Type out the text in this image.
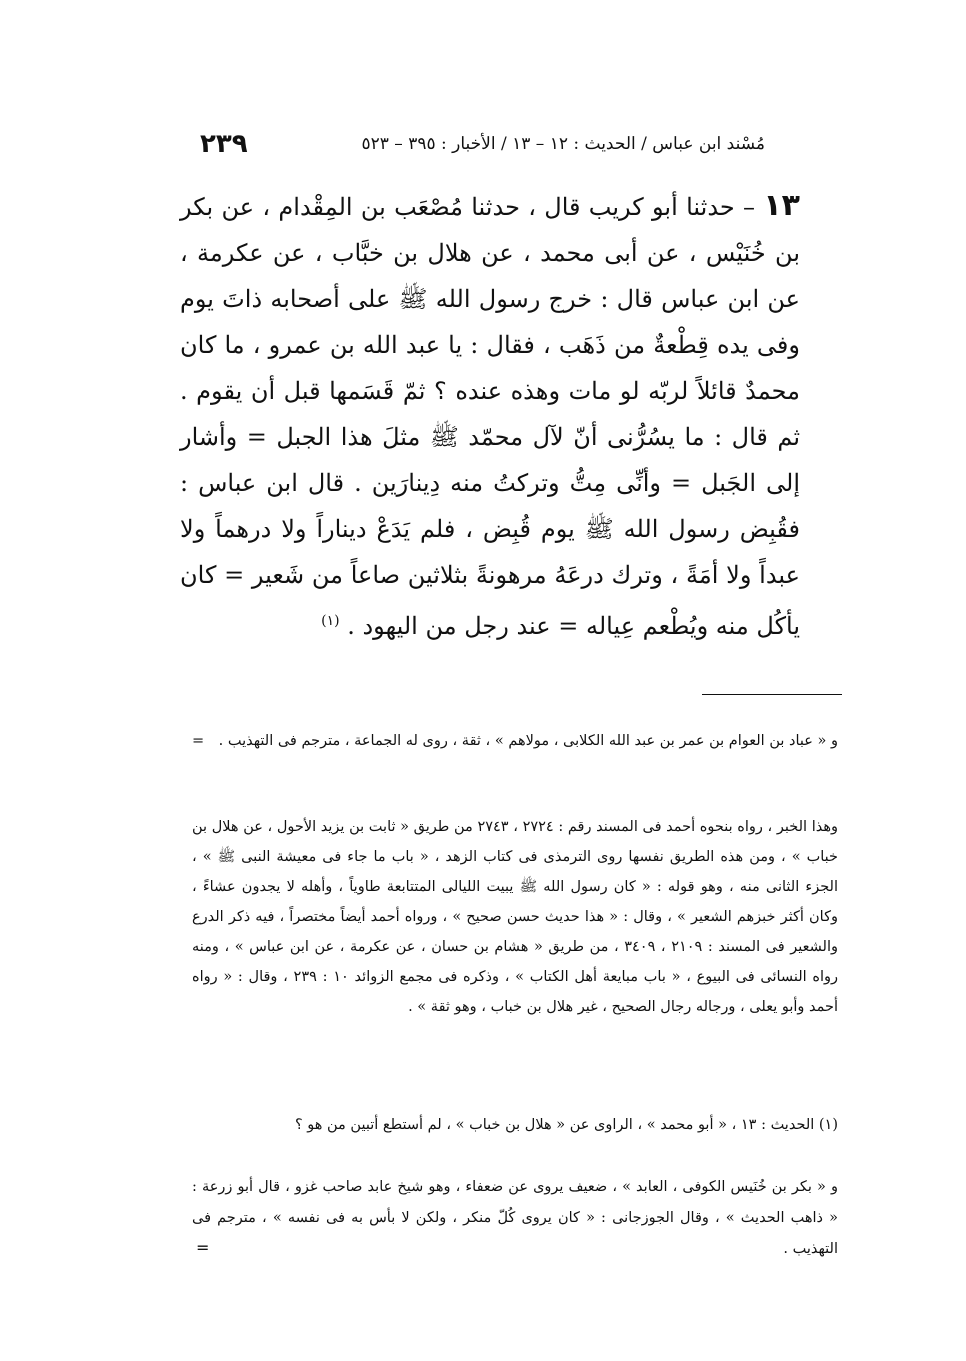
٢٣٩	مُسْند ابن عباس / الحديث : ١٢ – ١٣ / الأخبار : ٣٩٥ – ٥٢٣
١٣ – حدثنا أبو كريب قال ، حدثنا مُصْعَب بن المِقْدام ، عن بكر بن خُنَيْس ، عن أبى محمد ، عن هلال بن خبَّاب ، عن عكرمة ، عن ابن عباس قال : خرج رسول الله ﷺ على أصحابه ذاتَ يوم وفى يده قِطْعةٌ من ذَهَب ، فقال : يا عبد الله بن عمرو ، ما كان محمدٌ قائلاً لربّه لو مات وهذه عنده ؟ ثمّ قَسَمها قبل أن يقوم . ثم قال : ما يسُرُّنى أنّ لآل محمّد ﷺ مثلَ هذا الجبل = وأشار إلى الجَبل = وأنِّى مِتُّ وتركتُ منه دِينارَين . قال ابن عباس : فقُبِض رسول الله ﷺ يوم قُبِض ، فلم يَدَعْ ديناراً ولا درهماً ولا عبداً ولا أمَةً ، وترك درعَهُ مرهونةً بثلاثين صاعاً من شَعير = كان يأكُل منه ويُطْعم عِياله = عند رجل من اليهود . $^{(١)}$
= و « عباد بن العوام بن عمر بن عبد الله الكلابى ، مولاهم » ، ثقة ، روى له الجماعة ، مترجم فى التهذيب .
وهذا الخبر ، رواه بنحوه أحمد فى المسند رقم : ٢٧٢٤ ، ٢٧٤٣ من طريق « ثابت بن يزيد الأحول ، عن هلال بن خباب » ، ومن هذه الطريق نفسها روى الترمذى فى كتاب الزهد ، « باب ما جاء فى معيشة النبى ﷺ » ، الجزء الثانى منه ، وهو قوله : « كان رسول الله ﷺ يبيت الليالى المتتابعة طاوياً ، وأهله لا يجدون عشاءً ، وكان أكثر خبزهم الشعير » ، وقال : « هذا حديث حسن صحيح » ، ورواه أحمد أيضاً مختصراً ، فيه ذكر الدرع والشعير فى المسند : ٢١٠٩ ، ٣٤٠٩ ، من طريق « هشام بن حسان ، عن عكرمة ، عن ابن عباس » ، ومنه رواه النسائى فى البيوع ، « باب مبايعة أهل الكتاب » ، وذكره فى مجمع الزوائد ١٠ : ٢٣٩ ، وقال : « رواه أحمد وأبو يعلى ، ورجاله رجال الصحيح ، غير هلال بن خباب ، وهو ثقة » .
(١) الحديث : ١٣ ، « أبو محمد » ، الراوى عن « هلال بن خباب » ، لم أستطع أتبين من هو ؟
و « بكر بن خُنَيس الكوفى ، العابد » ، ضعيف يروى عن ضعفاء ، وهو شيخ عابد صاحب غزو ، قال أبو زرعة : « ذاهب الحديث » ، وقال الجوزجانى : « كان يروى كُلّ منكر ، ولكن لا بأس به فى نفسه » ، مترجم فى التهذيب .
=
